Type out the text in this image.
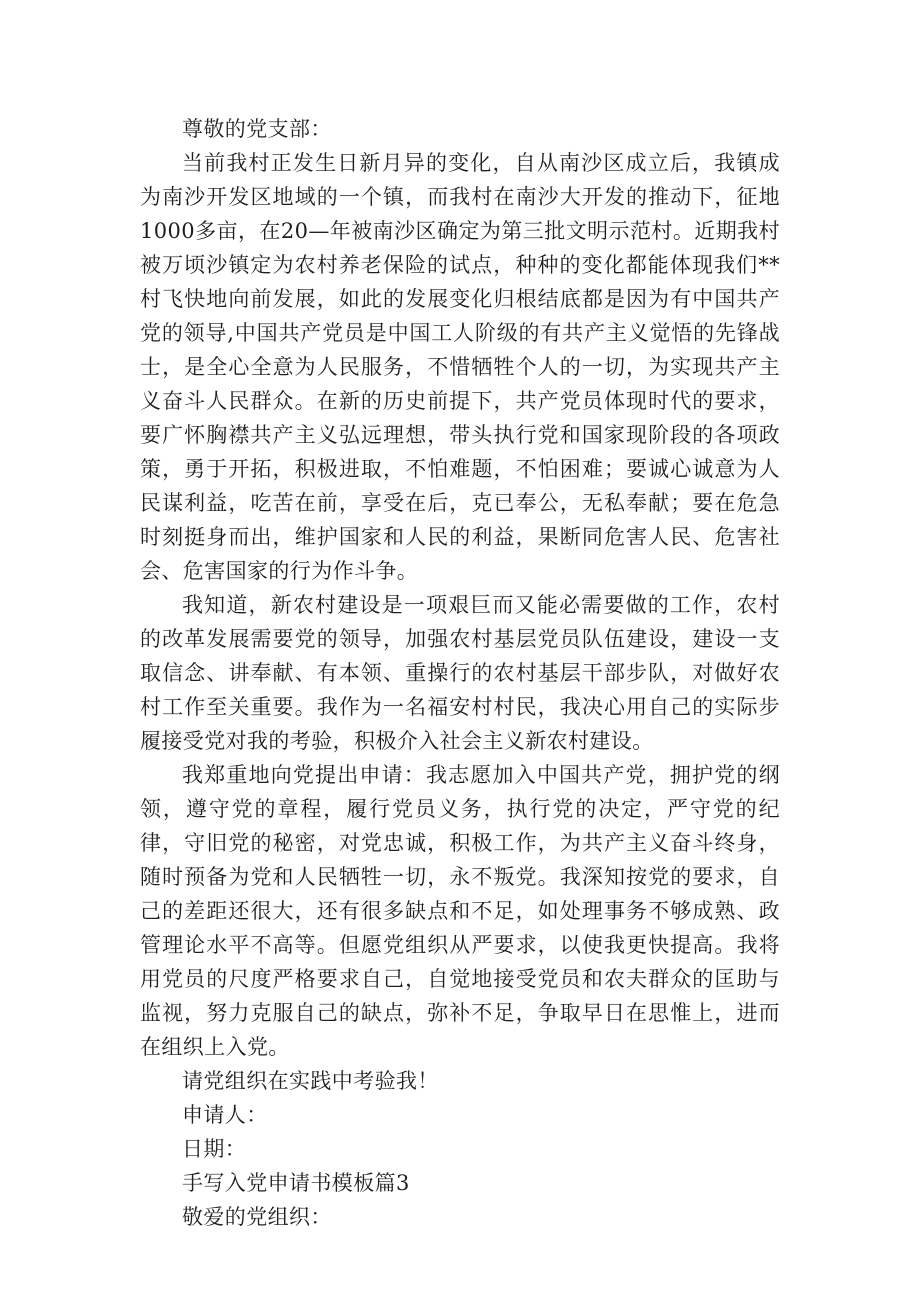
尊敬的党支部：

当前我村正发生日新月异的变化，自从南沙区成立后，我镇成为南沙开发区地域的一个镇，而我村在南沙大开发的推动下，征地1000多亩，在20—年被南沙区确定为第三批文明示范村。近期我村被万顷沙镇定为农村养老保险的试点，种种的变化都能体现我们**村飞快地向前发展，如此的发展变化归根结底都是因为有中国共产党的领导,中国共产党员是中国工人阶级的有共产主义觉悟的先锋战士，是全心全意为人民服务，不惜牺牲个人的一切，为实现共产主义奋斗人民群众。在新的历史前提下，共产党员体现时代的要求，要广怀胸襟共产主义弘远理想，带头执行党和国家现阶段的各项政策，勇于开拓，积极进取，不怕难题，不怕困难；要诚心诚意为人民谋利益，吃苦在前，享受在后，克已奉公，无私奉献；要在危急时刻挺身而出，维护国家和人民的利益，果断同危害人民、危害社会、危害国家的行为作斗争。

我知道，新农村建设是一项艰巨而又能必需要做的工作，农村的改革发展需要党的领导，加强农村基层党员队伍建设，建设一支取信念、讲奉献、有本领、重操行的农村基层干部步队，对做好农村工作至关重要。我作为一名福安村村民，我决心用自己的实际步履接受党对我的考验，积极介入社会主义新农村建设。

我郑重地向党提出申请：我志愿加入中国共产党，拥护党的纲领，遵守党的章程，履行党员义务，执行党的决定，严守党的纪律，守旧党的秘密，对党忠诚，积极工作，为共产主义奋斗终身，随时预备为党和人民牺牲一切，永不叛党。我深知按党的要求，自己的差距还很大，还有很多缺点和不足，如处理事务不够成熟、政管理论水平不高等。但愿党组织从严要求，以使我更快提高。我将用党员的尺度严格要求自己，自觉地接受党员和农夫群众的匡助与监视，努力克服自己的缺点，弥补不足，争取早日在思惟上，进而在组织上入党。

请党组织在实践中考验我！
申请人：
日期：
手写入党申请书模板篇3
敬爱的党组织：
